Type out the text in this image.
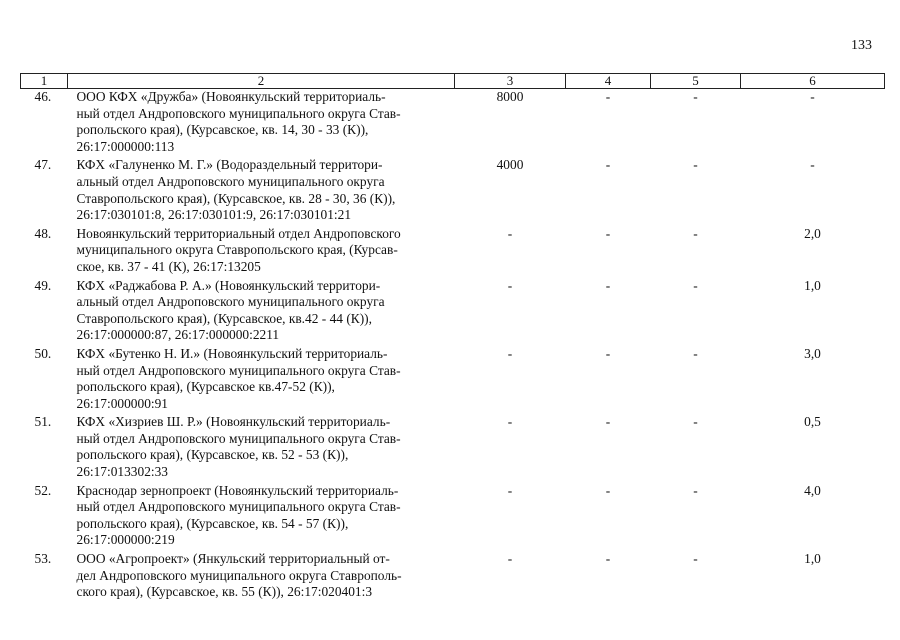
133
1	2	3	4	5	6
46.	ООО КФХ «Дружба» (Новоянкульский территориаль-
ный отдел Андроповского муниципального округа Став-
ропольского края), (Курсавское, кв. 14, 30 - 33 (К)),
26:17:000000:113	8000	-	-	-
47.	КФХ «Галуненко М. Г.» (Водораздельный территори-
альный отдел Андроповского муниципального округа
Ставропольского края), (Курсавское, кв. 28 - 30, 36 (К)),
26:17:030101:8, 26:17:030101:9, 26:17:030101:21	4000	-	-	-
48.	Новоянкульский территориальный отдел Андроповского
муниципального округа Ставропольского края, (Курсав-
ское, кв. 37 - 41 (К), 26:17:13205	-	-	-	2,0
49.	КФХ «Раджабова Р. А.» (Новоянкульский территори-
альный отдел Андроповского муниципального округа
Ставропольского края), (Курсавское, кв.42 - 44 (К)),
26:17:000000:87, 26:17:000000:2211	-	-	-	1,0
50.	КФХ «Бутенко Н. И.» (Новоянкульский территориаль-
ный отдел Андроповского муниципального округа Став-
ропольского края), (Курсавское кв.47-52 (К)),
26:17:000000:91	-	-	-	3,0
51.	КФХ «Хизриев Ш. Р.» (Новоянкульский территориаль-
ный отдел Андроповского муниципального округа Став-
ропольского края), (Курсавское, кв. 52 - 53 (К)),
26:17:013302:33	-	-	-	0,5
52.	Краснодар зернопроект (Новоянкульский территориаль-
ный отдел Андроповского муниципального округа Став-
ропольского края), (Курсавское, кв. 54 - 57 (К)),
26:17:000000:219	-	-	-	4,0
53.	ООО «Агропроект» (Янкульский территориальный от-
дел Андроповского муниципального округа Ставрополь-
ского края), (Курсавское, кв. 55 (К)), 26:17:020401:3	-	-	-	1,0
